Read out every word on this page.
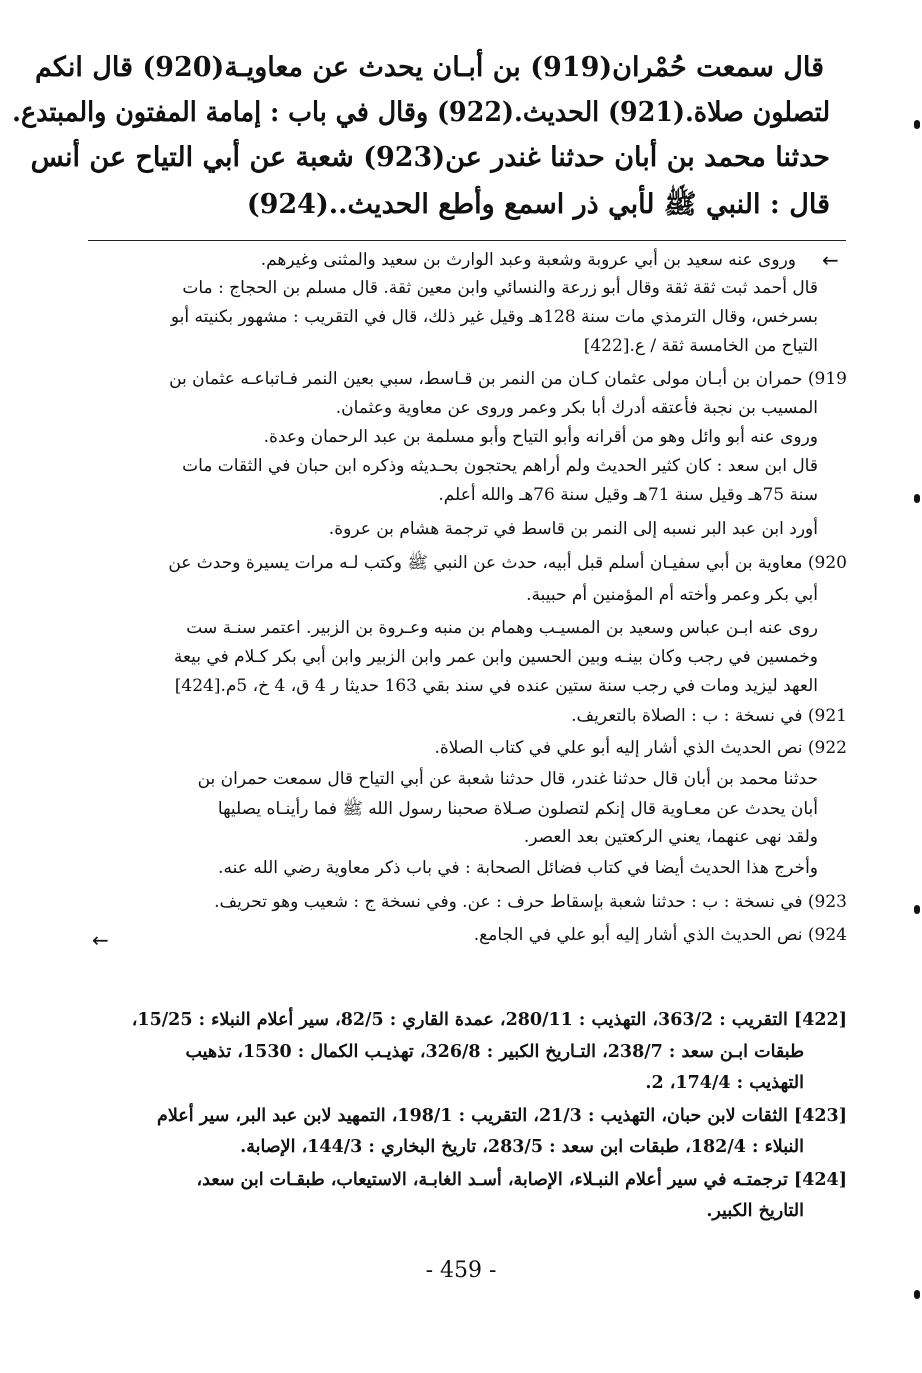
قال سمعت حُمْران(919) بن أبـان يحدث عن معاويـة(920) قال انكم
لتصلون صلاة.(921) الحديث.(922) وقال في باب : إمامة المفتون والمبتدع.
حدثنا محمد بن أبان حدثنا غندر عن(923) شعبة عن أبي التياح عن أنس
قال : النبي ﷺ لأبي ذر اسمع وأطع الحديث..(924)
←
وروى عنه سعيد بن أبي عروبة وشعبة وعبد الوارث بن سعيد والمثنى وغيرهم.
قال أحمد ثبت ثقة ثقة وقال أبو زرعة والنسائي وابن معين ثقة. قال مسلم بن الحجاج : مات
بسرخس، وقال الترمذي مات سنة 128هـ وقيل غير ذلك، قال في التقريب : مشهور بكنيته أبو
التياح من الخامسة ثقة / ع.[422]
919) حمران بن أبـان مولى عثمان كـان من النمر بن قـاسط، سبي بعين النمر فـاتباعـه عثمان بن
المسيب بن نجبة فأعتقه أدرك أبا بكر وعمر وروى عن معاوية وعثمان.
وروى عنه أبو وائل وهو من أقرانه وأبو التياح وأبو مسلمة بن عبد الرحمان وعدة.
قال ابن سعد : كان كثير الحديث ولم أراهم يحتجون بحـديثه وذكره ابن حبان في الثقات مات
سنة 75هـ وقيل سنة 71هـ وقيل سنة 76هـ والله أعلم.
أورد ابن عبد البر نسبه إلى النمر بن قاسط في ترجمة هشام بن عروة.
920) معاوية بن أبي سفيـان أسلم قبل أبيه، حدث عن النبي ﷺ وكتب لـه مرات يسيرة وحدث عن
أبي بكر وعمر وأخته أم المؤمنين أم حبيبة.
روى عنه ابـن عباس وسعيد بن المسيـب وهمام بن منبه وعـروة بن الزبير. اعتمر سنـة ست
وخمسين في رجب وكان بينـه وبين الحسين وابن عمر وابن الزبير وابن أبي بكر كـلام في بيعة
العهد ليزيد ومات في رجب سنة ستين عنده في سند بقي 163 حديثا ر 4 ق، 4 خ، 5م.[424]
921) في نسخة : ب : الصلاة بالتعريف.
922) نص الحديث الذي أشار إليه أبو علي في كتاب الصلاة.
حدثنا محمد بن أبان قال حدثنا غندر، قال حدثنا شعبة عن أبي التياح قال سمعت حمران بن
أبان يحدث عن معـاوية قال إنكم لتصلون صـلاة صحبنا رسول الله ﷺ فما رأينـاه يصليها
ولقد نهى عنهما، يعني الركعتين بعد العصر.
وأخرج هذا الحديث أيضا في كتاب فضائل الصحابة : في باب ذكر معاوية رضي الله عنه.
923) في نسخة : ب : حدثنا شعبة بإسقاط حرف : عن. وفي نسخة ج : شعيب وهو تحريف.
924) نص الحديث الذي أشار إليه أبو علي في الجامع.
←
[422] التقريب : 363/2، التهذيب : 280/11، عمدة القاري : 82/5، سير أعلام النبلاء : 15/25،
طبقات ابـن سعد : 238/7، التـاريخ الكبير : 326/8، تهذيـب الكمال : 1530، تذهيب
التهذيب : 174/4، 2.
[423] الثقات لابن حبان، التهذيب : 21/3، التقريب : 198/1، التمهيد لابن عبد البر، سير أعلام
النبلاء : 182/4، طبقات ابن سعد : 283/5، تاريخ البخاري : 144/3، الإصابة.
[424] ترجمتـه في سير أعلام النبـلاء، الإصابة، أسـد الغابـة، الاستيعاب، طبقـات ابن سعد،
التاريخ الكبير.
- 459 -
